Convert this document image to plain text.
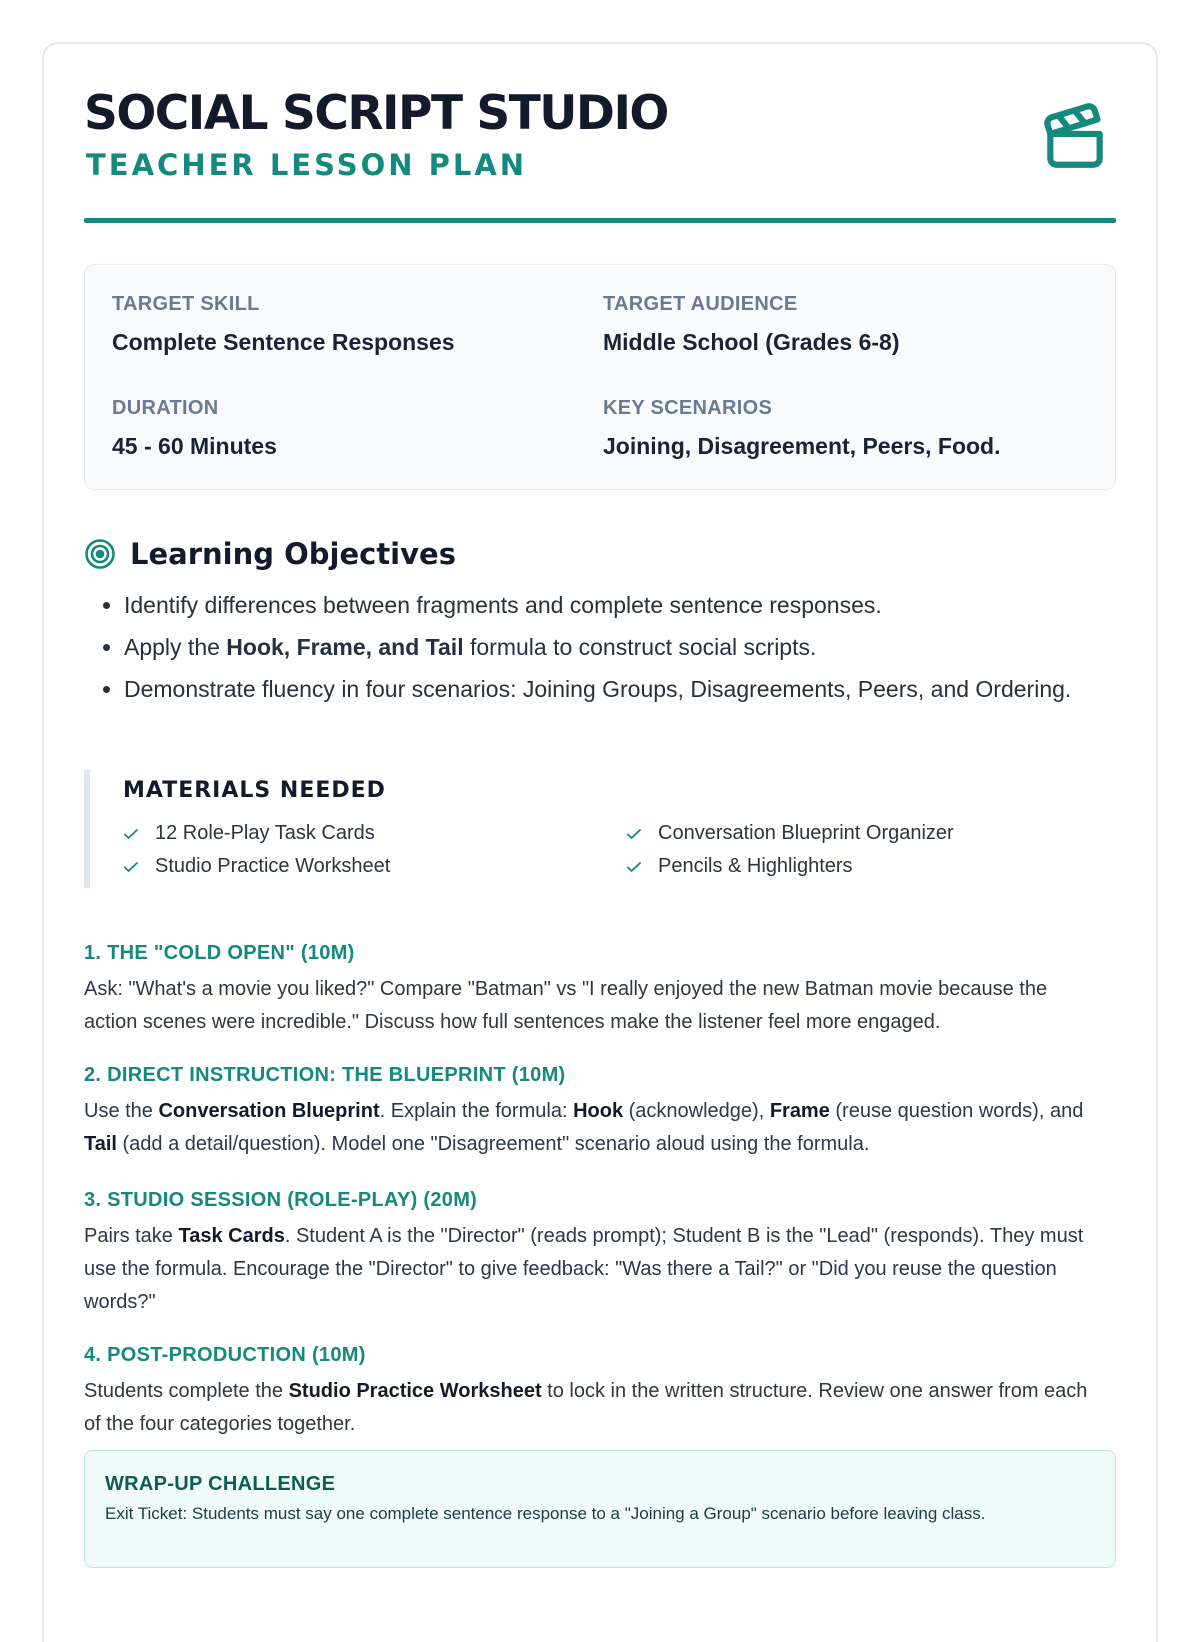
SOCIAL SCRIPT STUDIO
TEACHER LESSON PLAN
TARGET SKILL
Complete Sentence Responses
TARGET AUDIENCE
Middle School (Grades 6-8)
DURATION
45 - 60 Minutes
KEY SCENARIOS
Joining, Disagreement, Peers, Food.
Learning Objectives
• Identify differences between fragments and complete sentence responses.
• Apply the Hook, Frame, and Tail formula to construct social scripts.
• Demonstrate fluency in four scenarios: Joining Groups, Disagreements, Peers, and Ordering.
MATERIALS NEEDED
12 Role-Play Task Cards	Conversation Blueprint Organizer
Studio Practice Worksheet	Pencils & Highlighters
1. THE "COLD OPEN" (10M)
Ask: "What's a movie you liked?" Compare "Batman" vs "I really enjoyed the new Batman movie because the action scenes were incredible." Discuss how full sentences make the listener feel more engaged.
2. DIRECT INSTRUCTION: THE BLUEPRINT (10M)
Use the Conversation Blueprint. Explain the formula: Hook (acknowledge), Frame (reuse question words), and Tail (add a detail/question). Model one "Disagreement" scenario aloud using the formula.
3. STUDIO SESSION (ROLE-PLAY) (20M)
Pairs take Task Cards. Student A is the "Director" (reads prompt); Student B is the "Lead" (responds). They must use the formula. Encourage the "Director" to give feedback: "Was there a Tail?" or "Did you reuse the question words?"
4. POST-PRODUCTION (10M)
Students complete the Studio Practice Worksheet to lock in the written structure. Review one answer from each of the four categories together.
WRAP-UP CHALLENGE
Exit Ticket: Students must say one complete sentence response to a "Joining a Group" scenario before leaving class.
